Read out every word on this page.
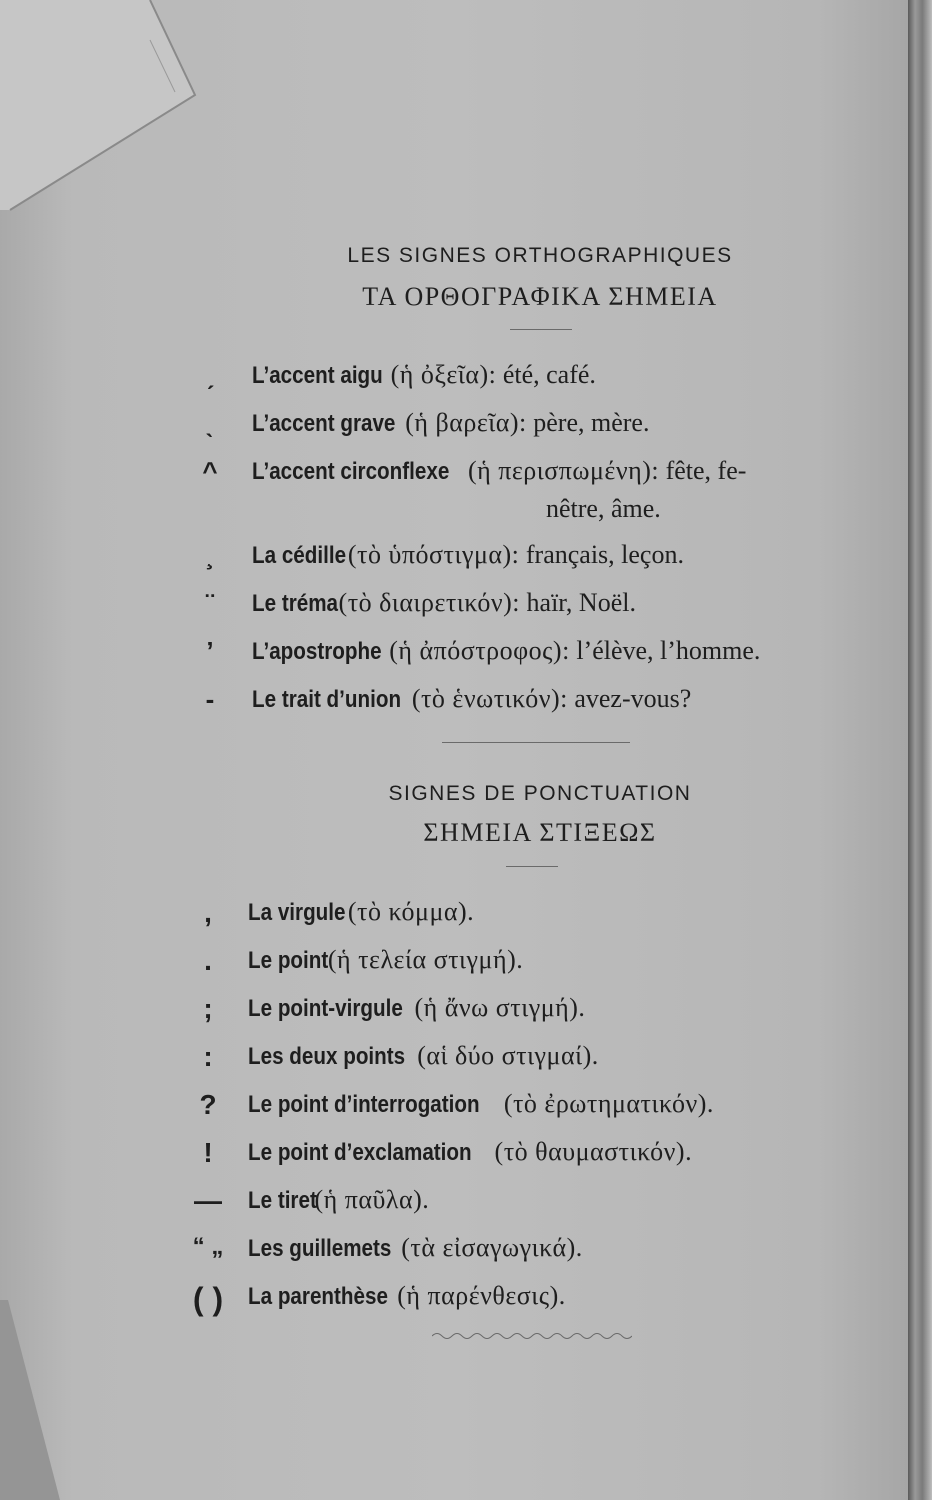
LES SIGNES ORTHOGRAPHIQUES
ΤΑ ΟΡΘΟΓΡΑΦΙΚΑ ΣΗΜΕΙΑ
ˏ	L’accent aigu (ἡ ὀξεῖα): été, café.
ˎ	L’accent grave (ἡ βαρεῖα): père, mère.
^	L’accent circonflexe (ἡ περισπωμένη): fête, fe-
nêtre, âme.
¸	La cédille (τὸ ὑπόστιγμα): français, leçon.
¨	Le tréma (τὸ διαιρετικόν): haïr, Noël.
’	L’apostrophe (ἡ ἀπόστροφος): l’élève, l’homme.
-	Le trait d’union (τὸ ἑνωτικόν): avez-vous?
SIGNES DE PONCTUATION
ΣΗΜΕΙΑ ΣΤΙΞΕΩΣ
,	La virgule (τὸ κόμμα).
.	Le point (ἡ τελεία στιγμή).
;	Le point-virgule (ἡ ἄνω στιγμή).
:	Les deux points (αἱ δύο στιγμαί).
?	Le point d’interrogation (τὸ ἐρωτηματικόν).
!	Le point d’exclamation (τὸ θαυμαστικόν).
—	Le tiret (ἡ παῦλα).
“ „	Les guillemets (τὰ εἰσαγωγικά).
( )	La parenthèse (ἡ παρένθεσις).
